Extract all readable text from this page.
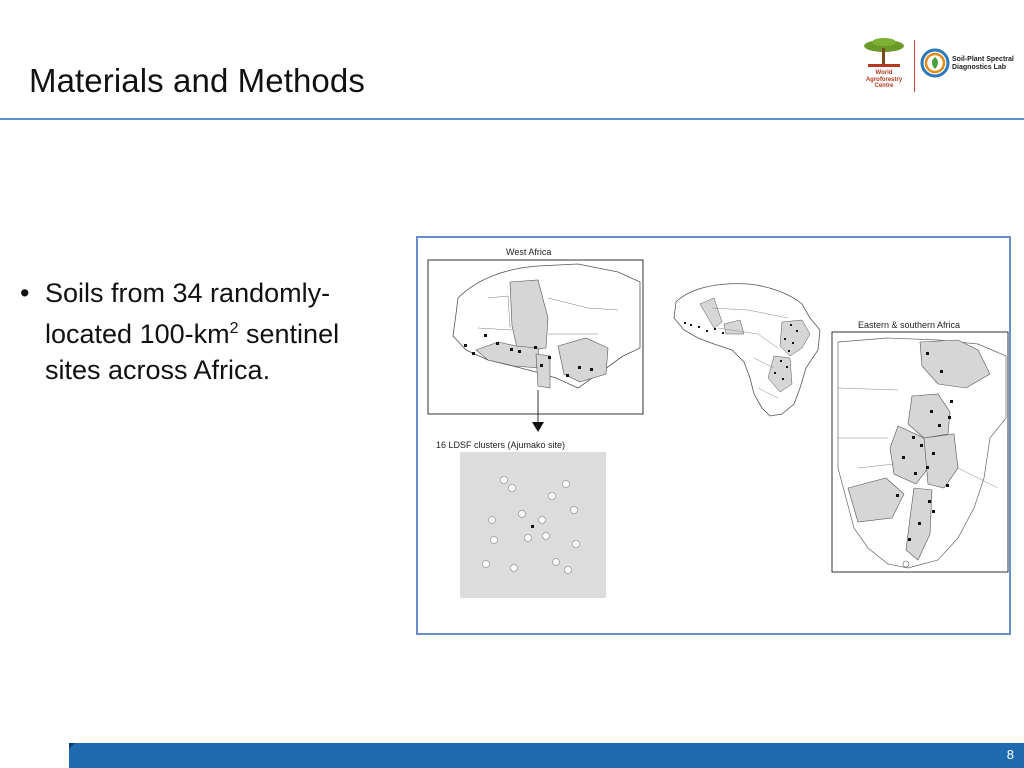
Materials and Methods	World Agroforestry Centre
Soil-Plant Spectral Diagnostics Lab
• Soils from 34 randomly-located $100-km^2$ sentinel sites across Africa.
West Africa
16 LDSF clusters (Ajumako site)
Eastern & southern Africa
8
